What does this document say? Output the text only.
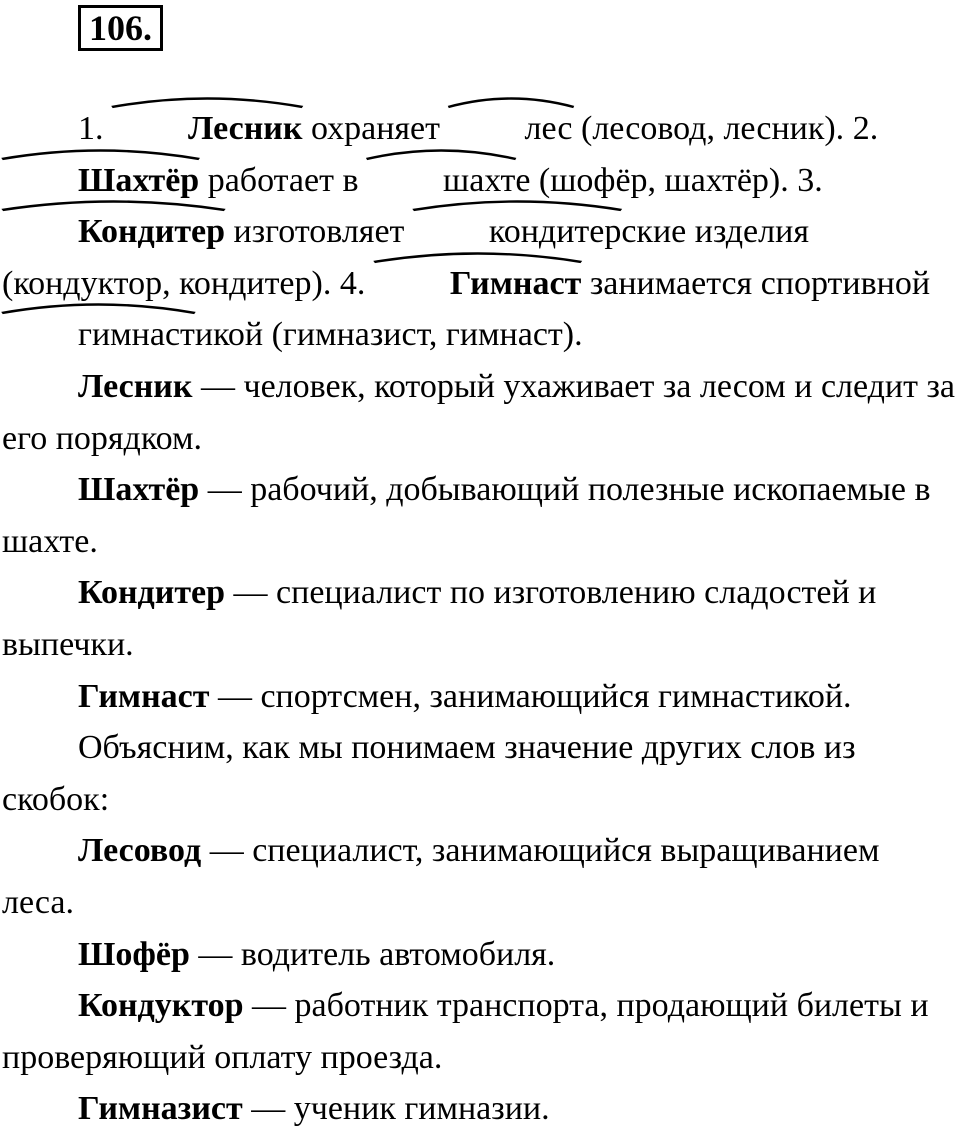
106.

1. Лесник охраняет лес (лесовод, лесник). 2.
Шахтёр работает в шахте (шофёр, шахтёр). 3.
Кондитер изготовляет кондитерские изделия (кондуктор, кондитер). 4. Гимнаст занимается спортивной
гимнастикой (гимназист, гимнаст).

Лесник — человек, который ухаживает за лесом и следит за его порядком.

Шахтёр — рабочий, добывающий полезные ископаемые в шахте.

Кондитер — специалист по изготовлению сладостей и выпечки.

Гимнаст — спортсмен, занимающийся гимнастикой.

Объясним, как мы понимаем значение других слов из скобок:

Лесовод — специалист, занимающийся выращиванием леса.

Шофёр — водитель автомобиля.

Кондуктор — работник транспорта, продающий билеты и проверяющий оплату проезда.

Гимназист — ученик гимназии.
